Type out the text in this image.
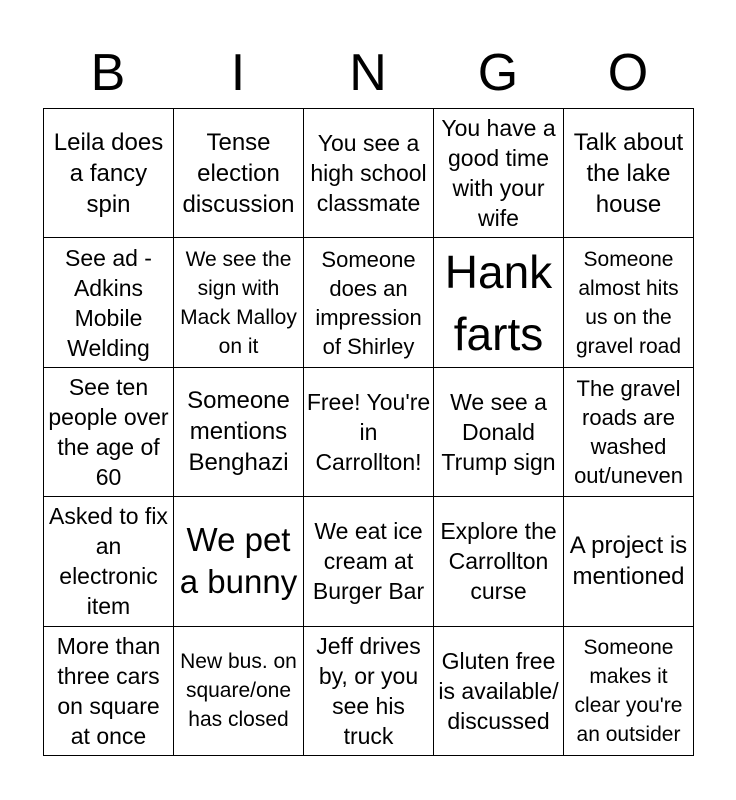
B	I	N	G	O
Leila does a fancy spin	Tense election discussion	You see a high school classmate	You have a good time with your wife	Talk about the lake house

See ad - Adkins Mobile Welding	We see the sign with Mack Malloy on it	Someone does an impression of Shirley	Hank farts	Someone almost hits us on the gravel road

See ten people over the age of 60	Someone mentions Benghazi	Free! You're in Carrollton!	We see a Donald Trump sign	The gravel roads are washed out/uneven

Asked to fix an electronic item	We pet a bunny	We eat ice cream at Burger Bar	Explore the Carrollton curse	A project is mentioned

More than three cars on square at once	New bus. on square/one has closed	Jeff drives by, or you see his truck	Gluten free is available/ discussed	Someone makes it clear you're an outsider
